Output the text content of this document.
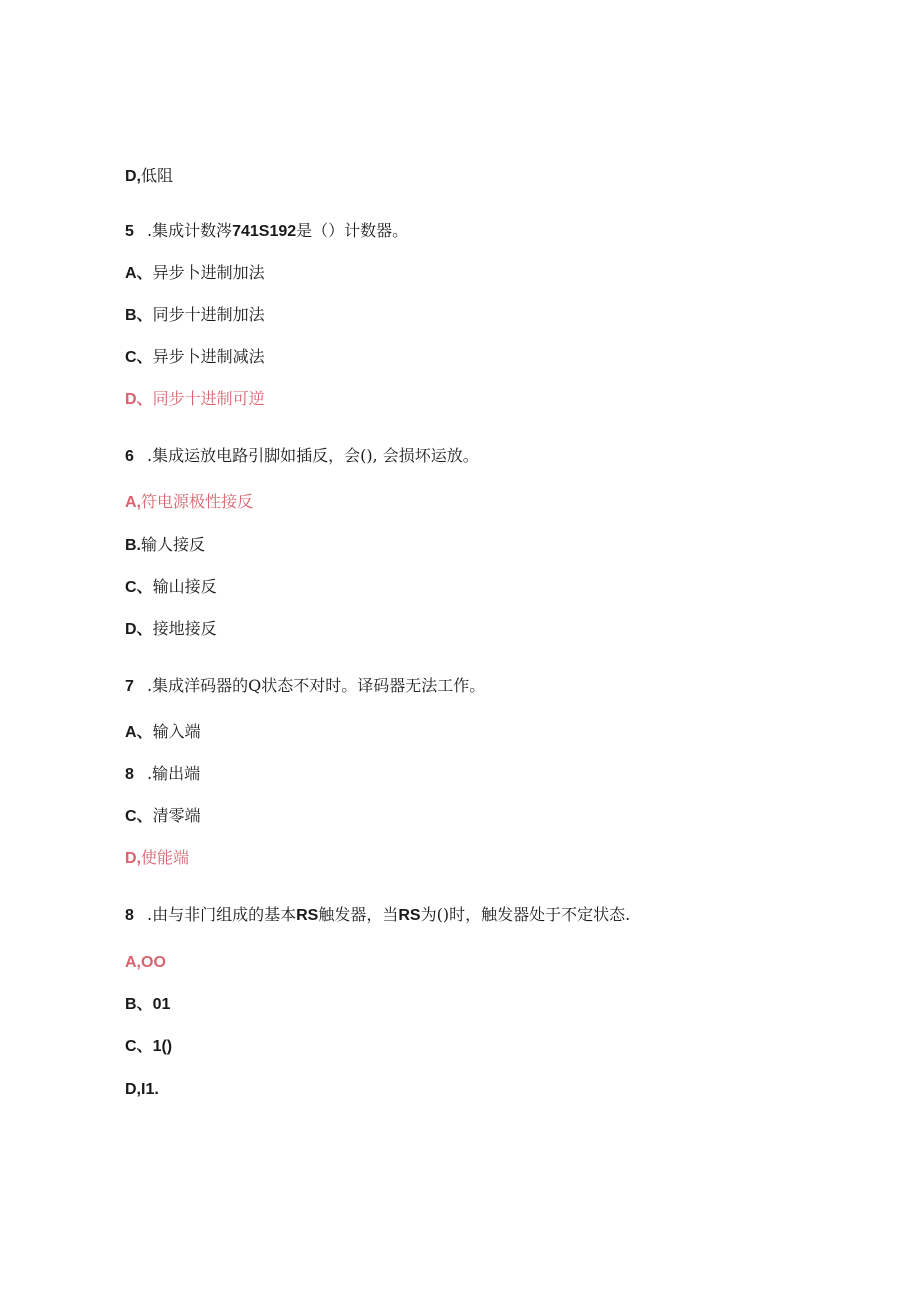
D,低阻
5 .集成计数涔741S192是（）计数器。
A、异步卜进制加法
B、同步十进制加法
C、异步卜进制减法
D、同步十进制可逆
6 .集成运放电路引脚如插反，会(), 会损坏运放。
A,符电源极性接反
B.输人接反
C、输山接反
D、接地接反
7 .集成洋码器的Q状态不对时。译码器无法工作。
A、输入端
8 .输出端
C、清零端
D,使能端
8 .由与非门组成的基本RS触发器，当RS为()时，触发器处于不定状态.
A,OO
B、01
C、1()
D,I1.
